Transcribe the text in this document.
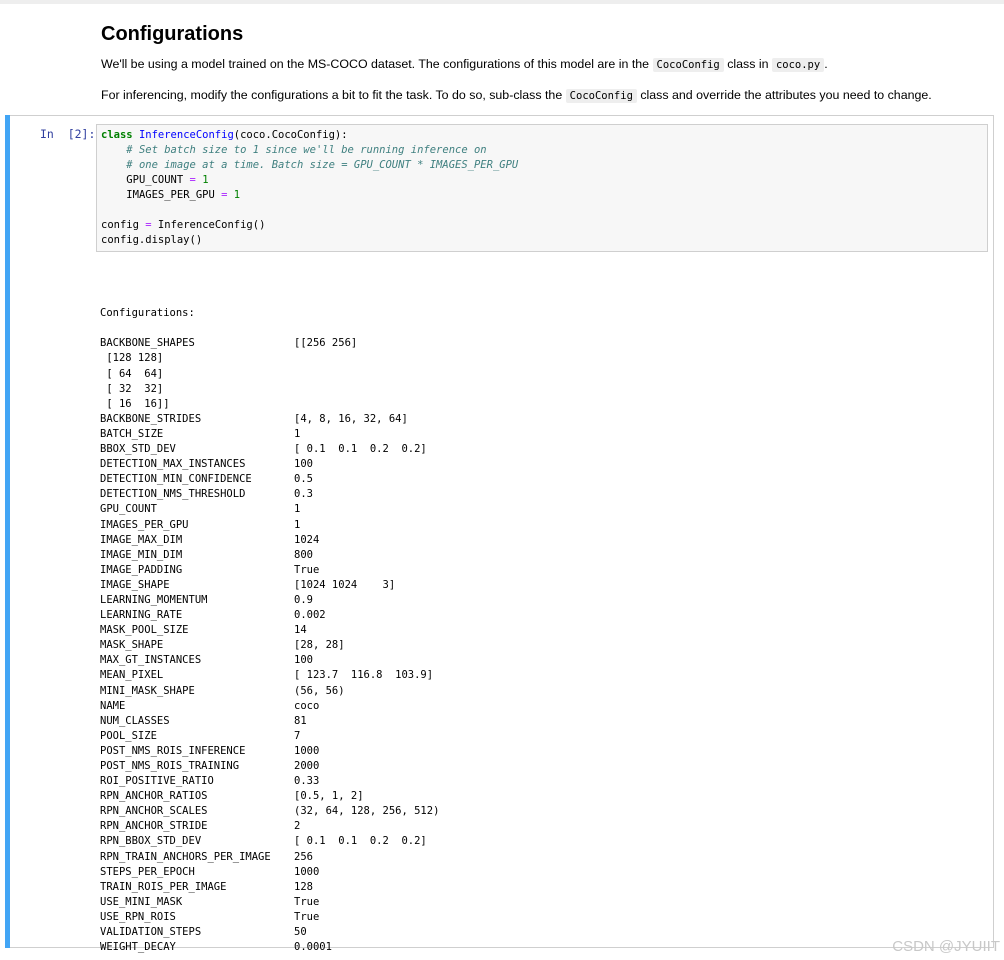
Configurations

We'll be using a model trained on the MS-COCO dataset. The configurations of this model are in the CocoConfig class in coco.py .

For inferencing, modify the configurations a bit to fit the task. To do so, sub-class the CocoConfig class and override the attributes you need to change.

In  [2]: class InferenceConfig(coco.CocoConfig):
# Set batch size to 1 since we'll be running inference on
# one image at a time. Batch size = GPU_COUNT * IMAGES_PER_GPU
GPU_COUNT = 1
IMAGES_PER_GPU = 1
config = InferenceConfig()
config.display()

Configurations:

BACKBONE_SHAPES	[[256 256]
[128 128]
[ 64  64]
[ 32  32]
[ 16  16]]
BACKBONE_STRIDES	[4, 8, 16, 32, 64]
BATCH_SIZE	1
BBOX_STD_DEV	[ 0.1  0.1  0.2  0.2]
DETECTION_MAX_INSTANCES	100
DETECTION_MIN_CONFIDENCE	0.5
DETECTION_NMS_THRESHOLD	0.3
GPU_COUNT	1
IMAGES_PER_GPU	1
IMAGE_MAX_DIM	1024
IMAGE_MIN_DIM	800
IMAGE_PADDING	True
IMAGE_SHAPE	[1024 1024    3]
LEARNING_MOMENTUM	0.9
LEARNING_RATE	0.002
MASK_POOL_SIZE	14
MASK_SHAPE	[28, 28]
MAX_GT_INSTANCES	100
MEAN_PIXEL	[ 123.7  116.8  103.9]
MINI_MASK_SHAPE	(56, 56)
NAME	coco
NUM_CLASSES	81
POOL_SIZE	7
POST_NMS_ROIS_INFERENCE	1000
POST_NMS_ROIS_TRAINING	2000
ROI_POSITIVE_RATIO	0.33
RPN_ANCHOR_RATIOS	[0.5, 1, 2]
RPN_ANCHOR_SCALES	(32, 64, 128, 256, 512)
RPN_ANCHOR_STRIDE	2
RPN_BBOX_STD_DEV	[ 0.1  0.1  0.2  0.2]
RPN_TRAIN_ANCHORS_PER_IMAGE	256
STEPS_PER_EPOCH	1000
TRAIN_ROIS_PER_IMAGE	128
USE_MINI_MASK	True
USE_RPN_ROIS	True
VALIDATION_STEPS	50
WEIGHT_DECAY	0.0001	CSDN @JYUIIT
